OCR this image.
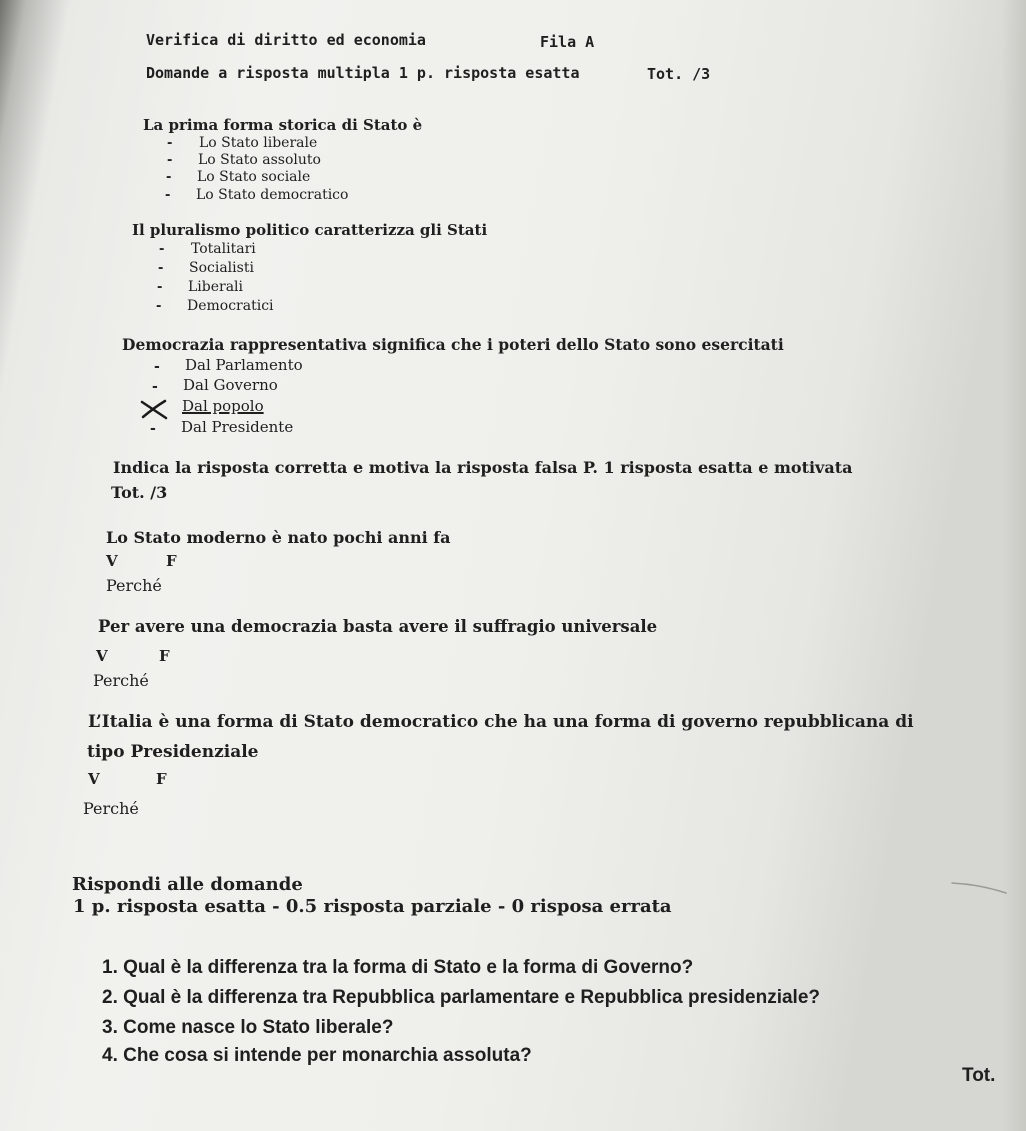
Verifica di diritto ed economia	Fila A
Domande a risposta multipla 1 p. risposta esatta	Tot. /3
La prima forma storica di Stato è
- Lo Stato liberale
- Lo Stato assoluto
- Lo Stato sociale
- Lo Stato democratico
Il pluralismo politico caratterizza gli Stati
- Totalitari
- Socialisti
- Liberali
- Democratici
Democrazia rappresentativa significa che i poteri dello Stato sono esercitati
- Dal Parlamento
- Dal Governo
Dal popolo
- Dal Presidente
Indica la risposta corretta e motiva la risposta falsa P. 1 risposta esatta e motivata
Tot. /3
Lo Stato moderno è nato pochi anni fa
V	F
Perché
Per avere una democrazia basta avere il suffragio universale
V	F
Perché
L’Italia è una forma di Stato democratico che ha una forma di governo repubblicana di
tipo Presidenziale
V	F
Perché
Rispondi alle domande
1 p. risposta esatta - 0.5 risposta parziale - 0 risposa errata
1. Qual è la differenza tra la forma di Stato e la forma di Governo?
2. Qual è la differenza tra Repubblica parlamentare e Repubblica presidenziale?
3. Come nasce lo Stato liberale?
4. Che cosa si intende per monarchia assoluta?
Tot.
